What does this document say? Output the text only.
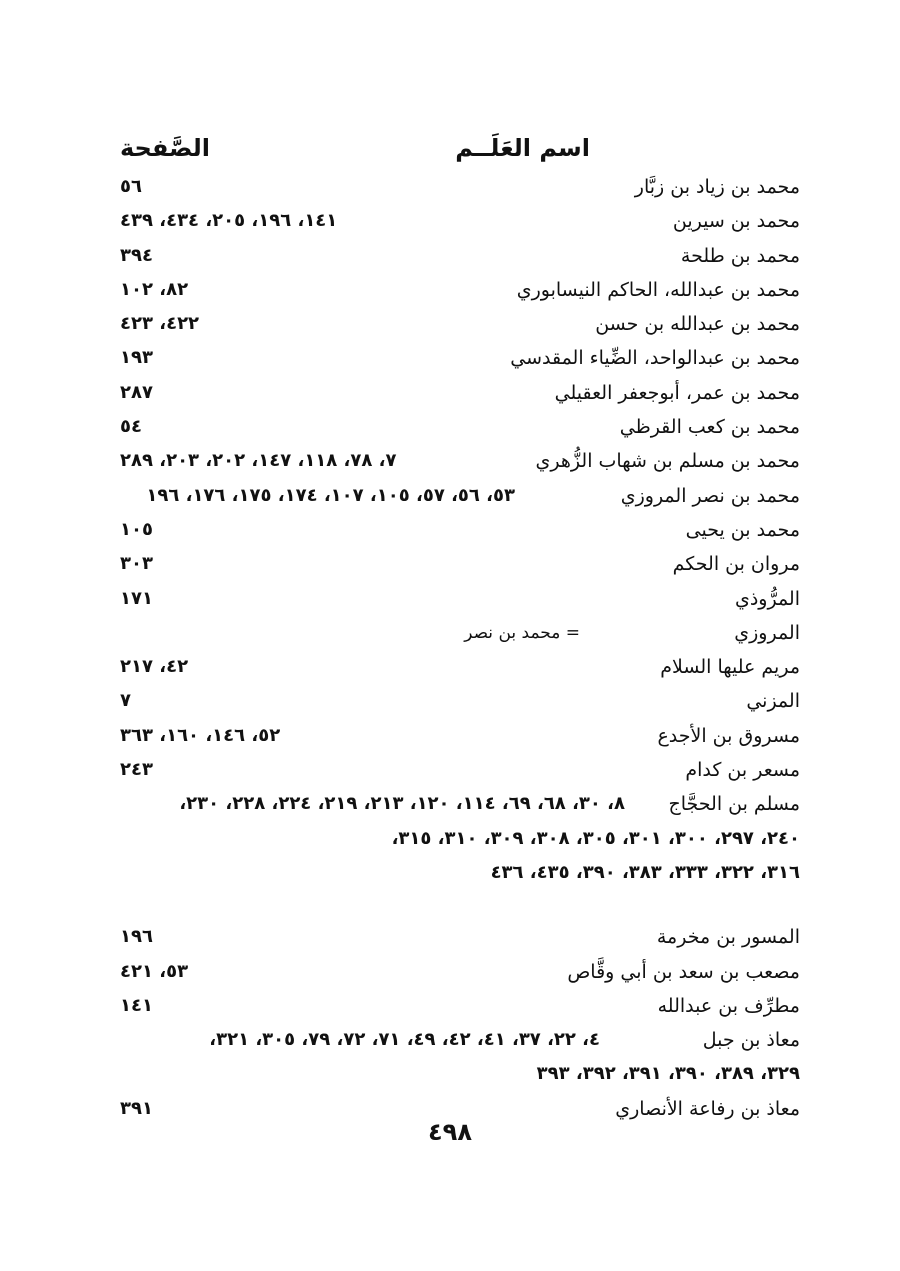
اسم العَلَــم
الصَّفحة
محمد بن زياد بن زبَّار
٥٦
محمد بن سيرين
١٤١، ١٩٦، ٢٠٥، ٤٣٤، ٤٣٩
محمد بن طلحة
٣٩٤
محمد بن عبدالله، الحاكم النيسابوري
٨٢، ١٠٢
محمد بن عبدالله بن حسن
٤٢٢، ٤٢٣
محمد بن عبدالواحد، الضِّياء المقدسي
١٩٣
محمد بن عمر، أبوجعفر العقيلي
٢٨٧
محمد بن كعب القرظي
٥٤
محمد بن مسلم بن شهاب الزُّهري
٧، ٧٨، ١١٨، ١٤٧، ٢٠٢، ٢٠٣، ٢٨٩
محمد بن نصر المروزي
٥٣، ٥٦، ٥٧، ١٠٥، ١٠٧، ١٧٤، ١٧٥، ١٧٦، ١٩٦
محمد بن يحيى
١٠٥
مروان بن الحكم
٣٠٣
المرُّوذي
١٧١
المروزي
= محمد بن نصر
مريم عليها السلام
٤٢، ٢١٧
المزني
٧
مسروق بن الأجدع
٥٢، ١٤٦، ١٦٠، ٣٦٣
مسعر بن كدام
٢٤٣
مسلم بن الحجَّاج
٨، ٣٠، ٦٨، ٦٩، ١١٤، ١٢٠، ٢١٣، ٢١٩، ٢٢٤، ٢٢٨، ٢٣٠،
٢٤٠، ٢٩٧، ٣٠٠، ٣٠١، ٣٠٥، ٣٠٨، ٣٠٩، ٣١٠، ٣١٥،
٣١٦، ٣٢٢، ٣٣٣، ٣٨٣، ٣٩٠، ٤٣٥، ٤٣٦
المسور بن مخرمة
١٩٦
مصعب بن سعد بن أبي وقَّاص
٥٣، ٤٢١
مطرِّف بن عبدالله
١٤١
معاذ بن جبل
٤، ٢٢، ٣٧، ٤١، ٤٢، ٤٩، ٧١، ٧٢، ٧٩، ٣٠٥، ٣٢١،
٣٢٩، ٣٨٩، ٣٩٠، ٣٩١، ٣٩٢، ٣٩٣
معاذ بن رفاعة الأنصاري
٣٩١
٤٩٨
